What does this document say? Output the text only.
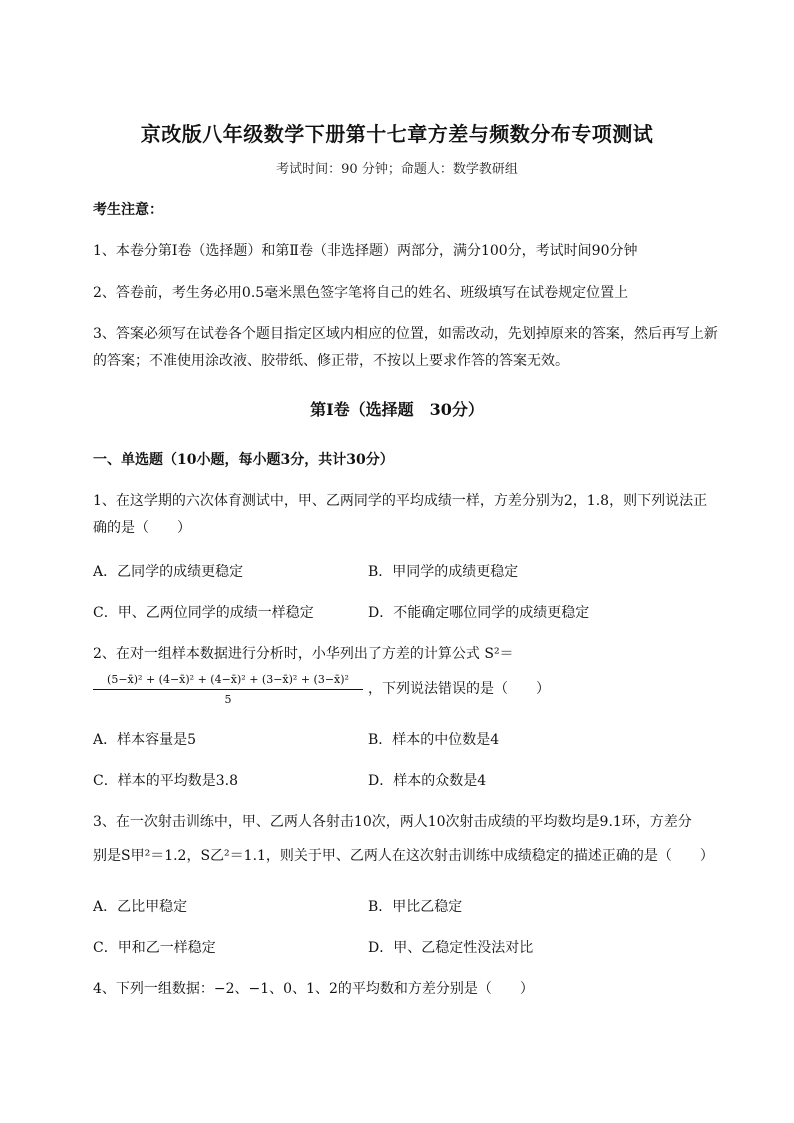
京改版八年级数学下册第十七章方差与频数分布专项测试
考试时间：90 分钟；命题人：数学教研组
考生注意：
1、本卷分第Ⅰ卷（选择题）和第Ⅱ卷（非选择题）两部分，满分100分，考试时间90分钟
2、答卷前，考生务必用0.5毫米黑色签字笔将自己的姓名、班级填写在试卷规定位置上
3、答案必须写在试卷各个题目指定区域内相应的位置，如需改动，先划掉原来的答案，然后再写上新
的答案；不准使用涂改液、胶带纸、修正带，不按以上要求作答的答案无效。
第Ⅰ卷（选择题　30分）
一、单选题（10小题，每小题3分，共计30分）
1、在这学期的六次体育测试中，甲、乙两同学的平均成绩一样，方差分别为2，1.8，则下列说法正
确的是（　　）
A．乙同学的成绩更稳定	B．甲同学的成绩更稳定
C．甲、乙两位同学的成绩一样稳定	D．不能确定哪位同学的成绩更稳定
2、在对一组样本数据进行分析时，小华列出了方差的计算公式 S²＝
$\frac{\text{(5−x̄)² + (4−x̄)² + (4−x̄)² + (3−x̄)² + (3−x̄)²}}{5}$ ，下列说法错误的是（　　）
A．样本容量是5	B．样本的中位数是4
C．样本的平均数是3.8	D．样本的众数是4
3、在一次射击训练中，甲、乙两人各射击10次，两人10次射击成绩的平均数均是9.1环，方差分
别是S甲²＝1.2，S乙²＝1.1，则关于甲、乙两人在这次射击训练中成绩稳定的描述正确的是（　　）
A．乙比甲稳定	B．甲比乙稳定
C．甲和乙一样稳定	D．甲、乙稳定性没法对比
4、下列一组数据：−2、−1、0、1、2的平均数和方差分别是（　　）
